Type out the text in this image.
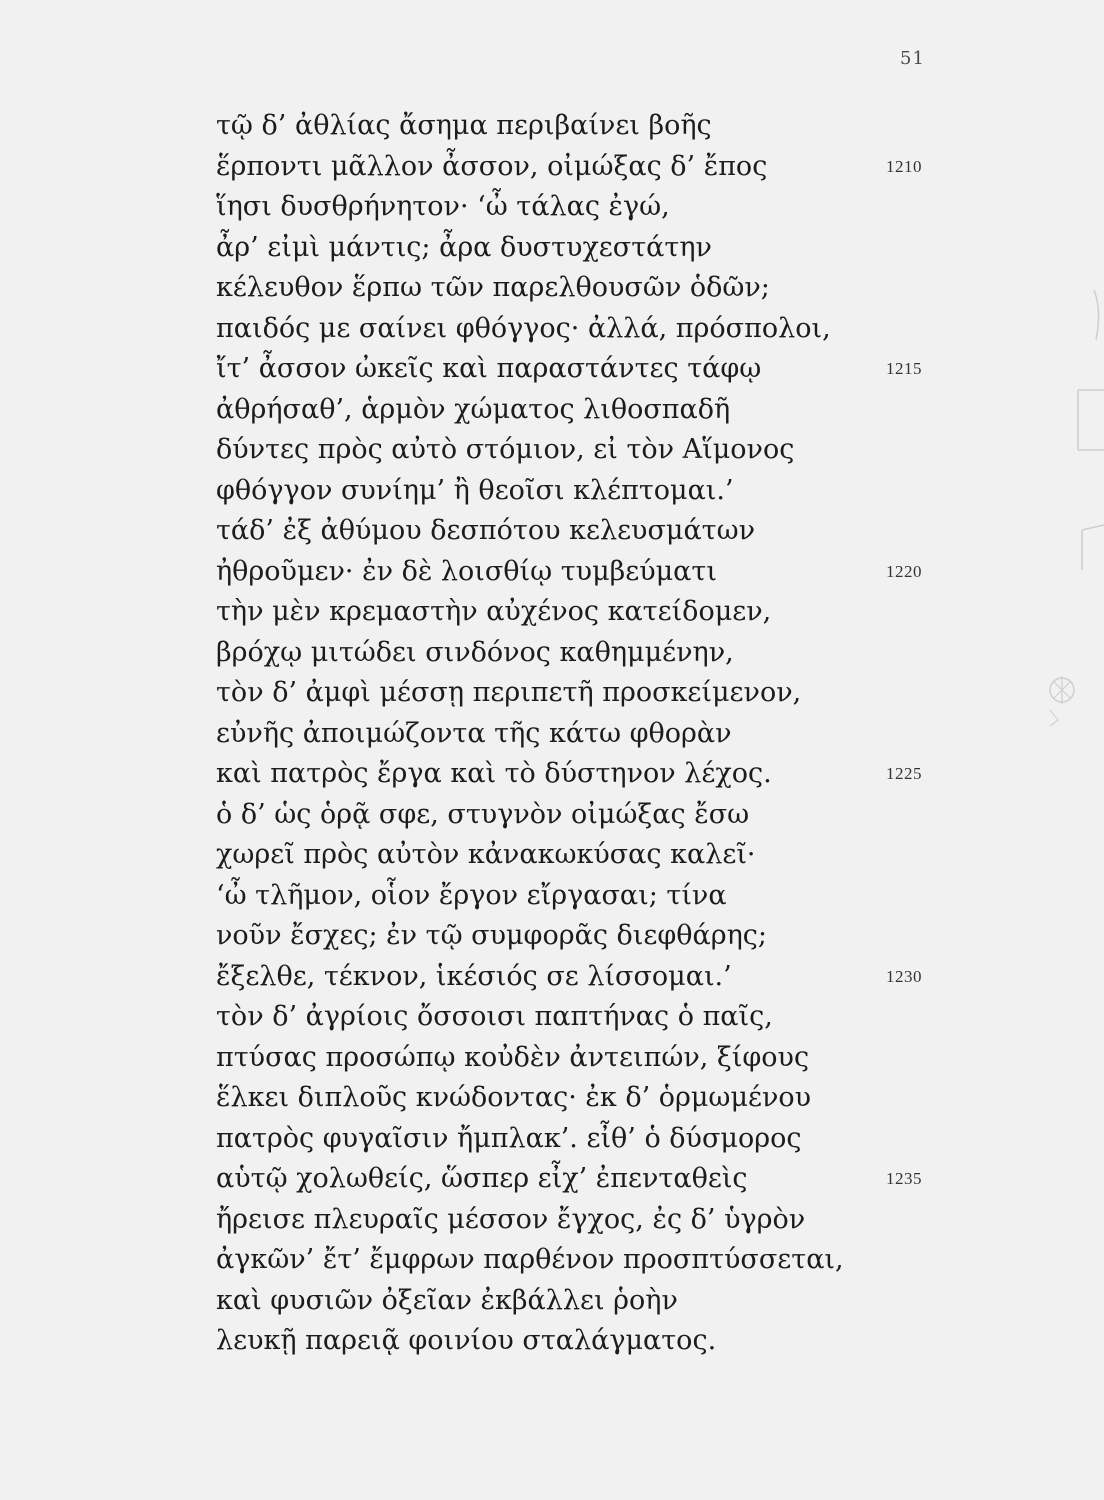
51
τῷ δ’ ἀθλίας ἄσημα περιβαίνει βοῆς
ἕρποντι μᾶλλον ἆσσον, οἰμώξας δ’ ἔπος	1210
ἵησι δυσθρήνητον· ‘ὦ τάλας ἐγώ,
ἆρ’ εἰμὶ μάντις; ἆρα δυστυχεστάτην
κέλευθον ἕρπω τῶν παρελθουσῶν ὁδῶν;
παιδός με σαίνει φθόγγος· ἀλλά, πρόσπολοι,
ἴτ’ ἆσσον ὠκεῖς καὶ παραστάντες τάφῳ	1215
ἀθρήσαθ’, ἁρμὸν χώματος λιθοσπαδῆ
δύντες πρὸς αὐτὸ στόμιον, εἰ τὸν Αἵμονος
φθόγγον συνίημ’ ἢ θεοῖσι κλέπτομαι.’
τάδ’ ἐξ ἀθύμου δεσπότου κελευσμάτων
ἠθροῦμεν· ἐν δὲ λοισθίῳ τυμβεύματι	1220
τὴν μὲν κρεμαστὴν αὐχένος κατείδομεν,
βρόχῳ μιτώδει σινδόνος καθημμένην,
τὸν δ’ ἀμφὶ μέσσῃ περιπετῆ προσκείμενον,
εὐνῆς ἀποιμώζοντα τῆς κάτω φθορὰν
καὶ πατρὸς ἔργα καὶ τὸ δύστηνον λέχος.	1225
ὁ δ’ ὡς ὁρᾷ σφε, στυγνὸν οἰμώξας ἔσω
χωρεῖ πρὸς αὐτὸν κἀνακωκύσας καλεῖ·
‘ὦ τλῆμον, οἷον ἔργον εἴργασαι; τίνα
νοῦν ἔσχες; ἐν τῷ συμφορᾶς διεφθάρης;
ἔξελθε, τέκνον, ἱκέσιός σε λίσσομαι.’	1230
τὸν δ’ ἀγρίοις ὄσσοισι παπτήνας ὁ παῖς,
πτύσας προσώπῳ κοὐδὲν ἀντειπών, ξίφους
ἕλκει διπλοῦς κνώδοντας· ἐκ δ’ ὁρμωμένου
πατρὸς φυγαῖσιν ἤμπλακ’. εἶθ’ ὁ δύσμορος
αὑτῷ χολωθείς, ὥσπερ εἶχ’ ἐπενταθεὶς	1235
ἤρεισε πλευραῖς μέσσον ἔγχος, ἐς δ’ ὑγρὸν
ἀγκῶν’ ἔτ’ ἔμφρων παρθένον προσπτύσσεται,
καὶ φυσιῶν ὀξεῖαν ἐκβάλλει ῥοὴν
λευκῇ παρειᾷ φοινίου σταλάγματος.
